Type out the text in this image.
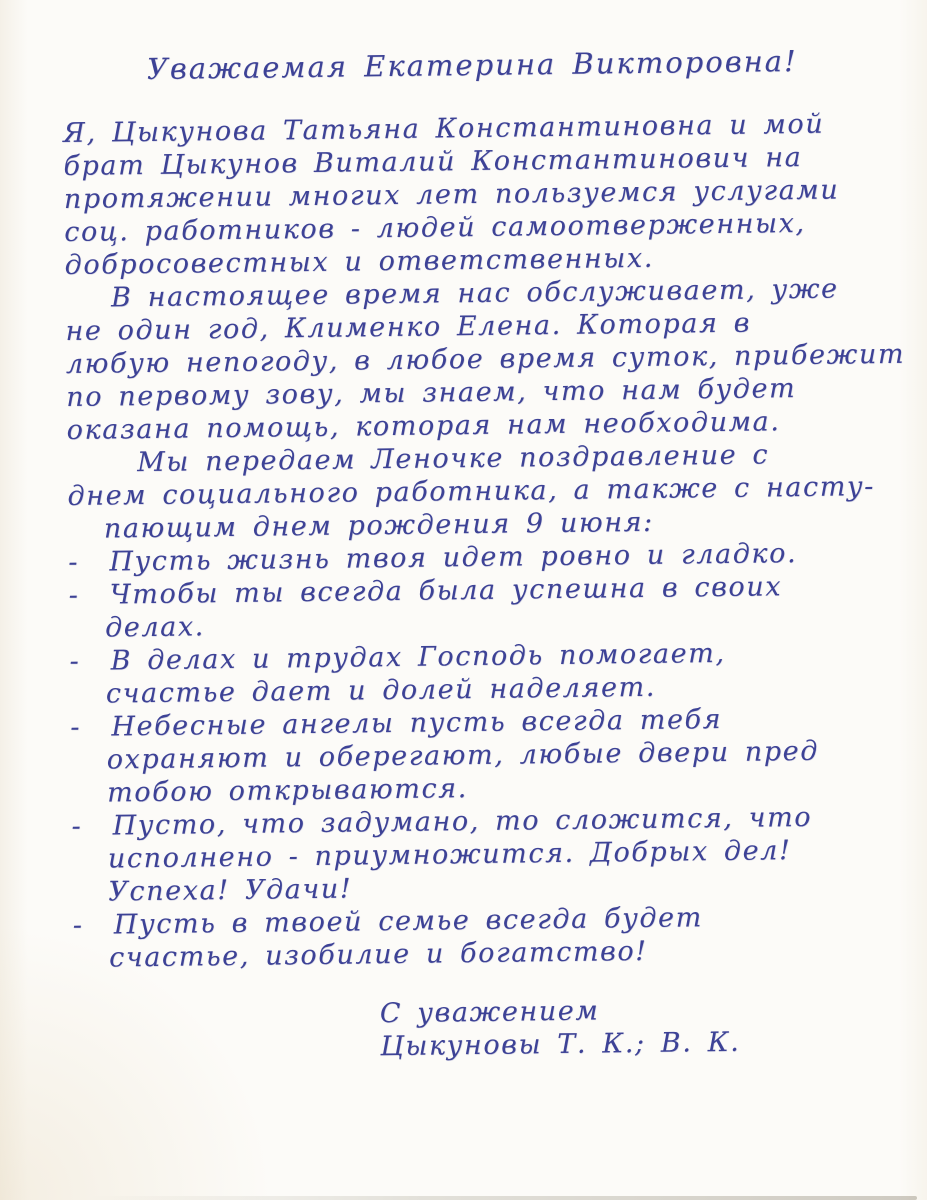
Уважаемая Екатерина Викторовна!
Я, Цыкунова Татьяна Константиновна и мой
брат Цыкунов Виталий Константинович на
протяжении многих лет пользуемся услугами
соц. работников - людей самоотверженных,
добросовестных и ответственных.
В настоящее время нас обслуживает, уже
не один год, Клименко Елена. Которая в
любую непогоду, в любое время суток, прибежит
по первому зову, мы знаем, что нам будет
оказана помощь, которая нам необходима.
Мы передаем Леночке поздравление с
днем социального работника, а также с насту-
пающим днем рождения 9 июня:
-  Пусть жизнь твоя идет ровно и гладко.
-  Чтобы ты всегда была успешна в своих
делах.
-  В делах и трудах Господь помогает,
счастье дает и долей наделяет.
-  Небесные ангелы пусть всегда тебя
охраняют и оберегают, любые двери пред
тобою открываются.
-  Пусто, что задумано, то сложится, что
исполнено - приумножится. Добрых дел!
Успеха! Удачи!
-  Пусть в твоей семье всегда будет
счастье, изобилие и богатство!
С уважением
Цыкуновы Т. К.; В. К.
